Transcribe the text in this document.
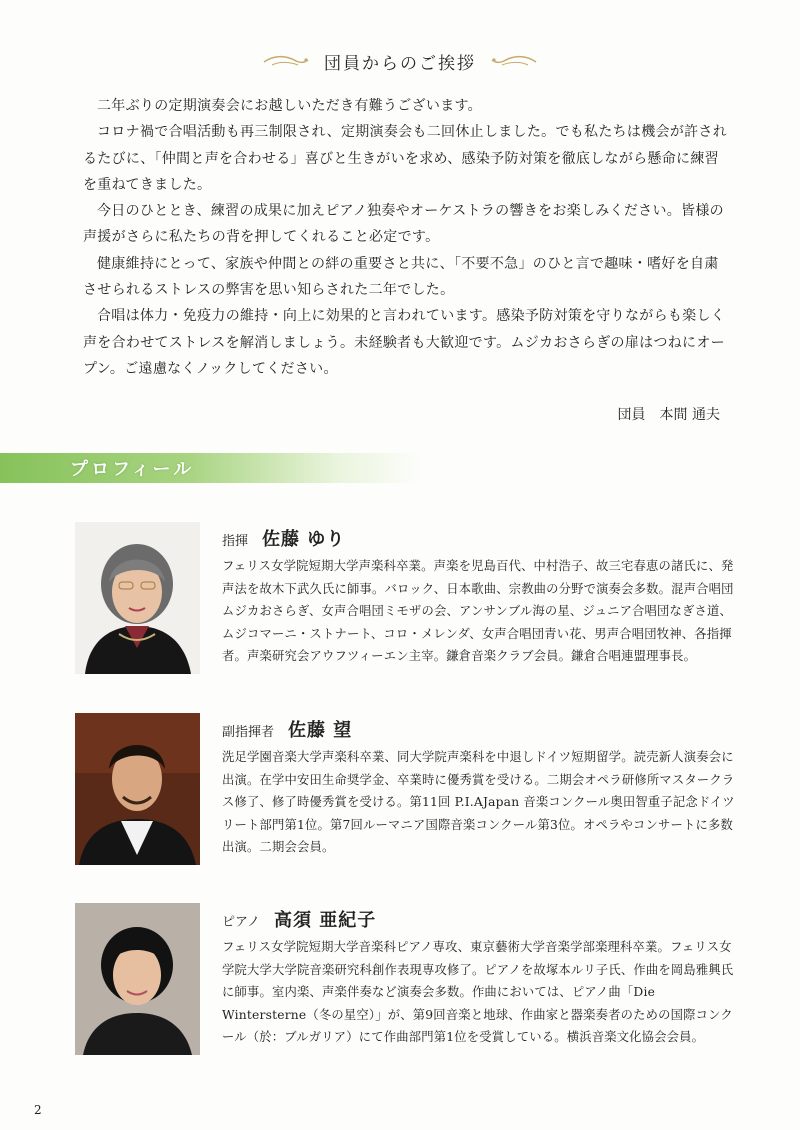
団員からのご挨拶

二年ぶりの定期演奏会にお越しいただき有難うございます。

コロナ禍で合唱活動も再三制限され、定期演奏会も二回休止しました。でも私たちは機会が許されるたびに、「仲間と声を合わせる」喜びと生きがいを求め、感染予防対策を徹底しながら懸命に練習を重ねてきました。

今日のひととき、練習の成果に加えピアノ独奏やオーケストラの響きをお楽しみください。皆様の声援がさらに私たちの背を押してくれること必定です。

健康維持にとって、家族や仲間との絆の重要さと共に、「不要不急」のひと言で趣味・嗜好を自粛させられるストレスの弊害を思い知らされた二年でした。

合唱は体力・免疫力の維持・向上に効果的と言われています。感染予防対策を守りながらも楽しく声を合わせてストレスを解消しましょう。未経験者も大歓迎です。ムジカおさらぎの扉はつねにオープン。ご遠慮なくノックしてください。

団員 本間 通夫
プロフィール
指揮 佐藤 ゆり
フェリス女学院短期大学声楽科卒業。声楽を児島百代、中村浩子、故三宅春恵の諸氏に、発声法を故木下武久氏に師事。バロック、日本歌曲、宗教曲の分野で演奏会多数。混声合唱団ムジカおさらぎ、女声合唱団ミモザの会、アンサンブル海の星、ジュニア合唱団なぎさ道、ムジコマーニ・ストナート、コロ・メレンダ、女声合唱団青い花、男声合唱団牧神、各指揮者。声楽研究会アウフツィーエン主宰。鎌倉音楽クラブ会員。鎌倉合唱連盟理事長。
副指揮者 佐藤 望
洗足学園音楽大学声楽科卒業、同大学院声楽科を中退しドイツ短期留学。読売新人演奏会に出演。在学中安田生命奨学金、卒業時に優秀賞を受ける。二期会オペラ研修所マスタークラス修了、修了時優秀賞を受ける。第11回 P.I.AJapan 音楽コンクール奥田智重子記念ドイツリート部門第1位。第7回ルーマニア国際音楽コンクール第3位。オペラやコンサートに多数出演。二期会会員。
ピアノ 高須 亜紀子
フェリス女学院短期大学音楽科ピアノ専攻、東京藝術大学音楽学部楽理科卒業。フェリス女学院大学大学院音楽研究科創作表現専攻修了。ピアノを故塚本ルリ子氏、作曲を岡島雅興氏に師事。室内楽、声楽伴奏など演奏会多数。作曲においては、ピアノ曲「Die Wintersterne（冬の星空）」が、第9回音楽と地球、作曲家と器楽奏者のための国際コンクール（於：ブルガリア）にて作曲部門第1位を受賞している。横浜音楽文化協会会員。
2
